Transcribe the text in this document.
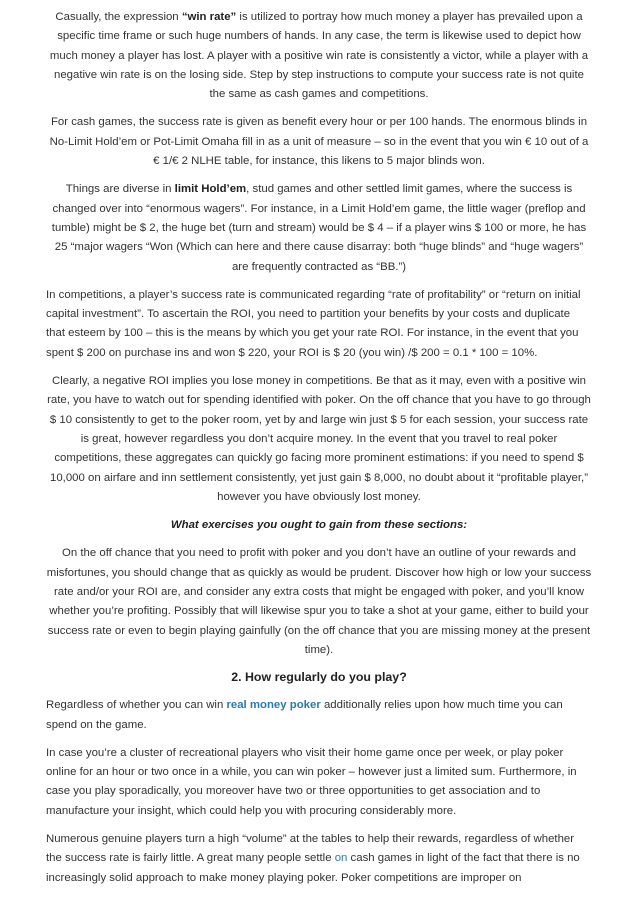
Casually, the expression “win rate” is utilized to portray how much money a player has prevailed upon a specific time frame or such huge numbers of hands. In any case, the term is likewise used to depict how much money a player has lost. A player with a positive win rate is consistently a victor, while a player with a negative win rate is on the losing side. Step by step instructions to compute your success rate is not quite the same as cash games and competitions.

For cash games, the success rate is given as benefit every hour or per 100 hands. The enormous blinds in No-Limit Hold’em or Pot-Limit Omaha fill in as a unit of measure – so in the event that you win € 10 out of a € 1/€ 2 NLHE table, for instance, this likens to 5 major blinds won.

Things are diverse in limit Hold’em, stud games and other settled limit games, where the success is changed over into “enormous wagers”. For instance, in a Limit Hold’em game, the little wager (preflop and tumble) might be $ 2, the huge bet (turn and stream) would be $ 4 – if a player wins $ 100 or more, he has 25 “major wagers “Won (Which can here and there cause disarray: both “huge blinds” and “huge wagers” are frequently contracted as “BB.”)

In competitions, a player’s success rate is communicated regarding “rate of profitability” or “return on initial capital investment”. To ascertain the ROI, you need to partition your benefits by your costs and duplicate that esteem by 100 – this is the means by which you get your rate ROI. For instance, in the event that you spent $ 200 on purchase ins and won $ 220, your ROI is $ 20 (you win) /$ 200 = 0.1 * 100 = 10%.

Clearly, a negative ROI implies you lose money in competitions. Be that as it may, even with a positive win rate, you have to watch out for spending identified with poker. On the off chance that you have to go through $ 10 consistently to get to the poker room, yet by and large win just $ 5 for each session, your success rate is great, however regardless you don’t acquire money. In the event that you travel to real poker competitions, these aggregates can quickly go facing more prominent estimations: if you need to spend $ 10,000 on airfare and inn settlement consistently, yet just gain $ 8,000, no doubt about it “profitable player,” however you have obviously lost money.

What exercises you ought to gain from these sections:

On the off chance that you need to profit with poker and you don’t have an outline of your rewards and misfortunes, you should change that as quickly as would be prudent. Discover how high or low your success rate and/or your ROI are, and consider any extra costs that might be engaged with poker, and you’ll know whether you’re profiting. Possibly that will likewise spur you to take a shot at your game, either to build your success rate or even to begin playing gainfully (on the off chance that you are missing money at the present time).

2. How regularly do you play?

Regardless of whether you can win real money poker additionally relies upon how much time you can spend on the game.

In case you’re a cluster of recreational players who visit their home game once per week, or play poker online for an hour or two once in a while, you can win poker – however just a limited sum. Furthermore, in case you play sporadically, you moreover have two or three opportunities to get association and to manufacture your insight, which could help you with procuring considerably more.

Numerous genuine players turn a high “volume” at the tables to help their rewards, regardless of whether the success rate is fairly little. A great many people settle on cash games in light of the fact that there is no increasingly solid approach to make money playing poker. Poker competitions are improper on
